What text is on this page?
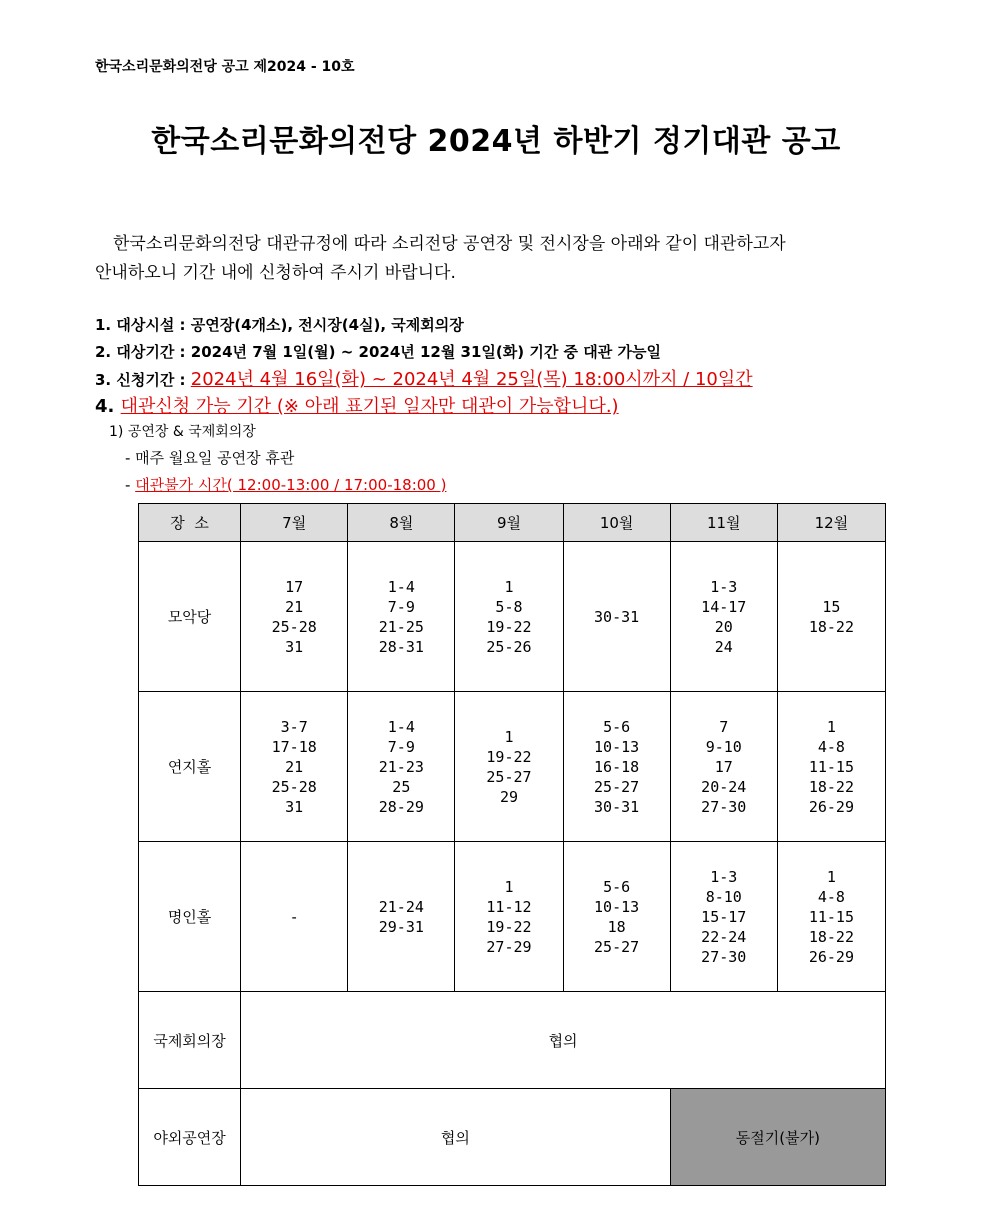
한국소리문화의전당 공고 제2024 - 10호
한국소리문화의전당 2024년 하반기 정기대관 공고
한국소리문화의전당 대관규정에 따라 소리전당 공연장 및 전시장을 아래와 같이 대관하고자
안내하오니 기간 내에 신청하여 주시기 바랍니다.
1. 대상시설 : 공연장(4개소), 전시장(4실), 국제회의장
2. 대상기간 : 2024년 7월 1일(월) ~ 2024년 12월 31일(화) 기간 중 대관 가능일
3. 신청기간 : 2024년 4월 16일(화) ~ 2024년 4월 25일(목) 18:00시까지 / 10일간
4. 대관신청 가능 기간 (※ 아래 표기된 일자만 대관이 가능합니다.)
1) 공연장 & 국제회의장
- 매주 월요일 공연장 휴관
- 대관불가 시간( 12:00-13:00 / 17:00-18:00 )
장  소	7월	8월	9월	10월	11월	12월
모악당	17
21
25-28
31	1-4
7-9
21-25
28-31	1
5-8
19-22
25-26	30-31	1-3
14-17
20
24	15
18-22

연지홀	3-7
17-18
21
25-28
31	1-4
7-9
21-23
25
28-29	1
19-22
25-27
29	5-6
10-13
16-18
25-27
30-31	7
9-10
17
20-24
27-30	1
4-8
11-15
18-22
26-29

명인홀	-	21-24
29-31	1
11-12
19-22
27-29	5-6
10-13
18
25-27	1-3
8-10
15-17
22-24
27-30	1
4-8
11-15
18-22
26-29

국제회의장	협의					
야외공연장	협의				동절기(불가)	
